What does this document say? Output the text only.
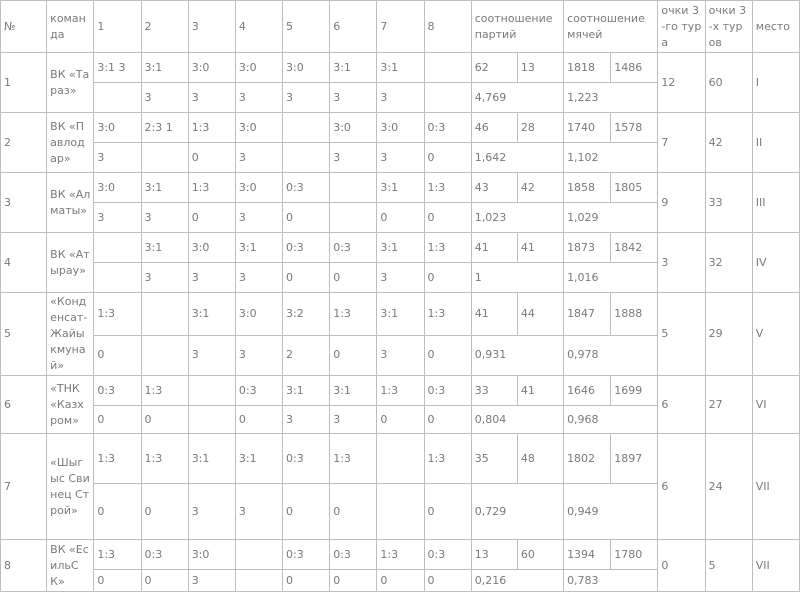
№	команда	1	2	3	4	5	6	7	8	соотношение партий		соотношение мячей		очки 3-го тура	очки 3-х туров	место
1	ВК «Тараз»	3:1 3	3:1	3:0	3:0	3:0	3:1	3:1		62	13	1818	1486	12	60	I
			3	3	3	3	3	3		4,769		1,223				
2	ВК «Павлодар»	3:0	2:3 1	1:3	3:0		3:0	3:0	0:3	46	28	1740	1578	7	42	II
		3		0	3		3	3	0	1,642		1,102				
3	ВК «Алматы»	3:0	3:1	1:3	3:0	0:3		3:1	1:3	43	42	1858	1805	9	33	III
		3	3	0	3	0		0	0	1,023		1,029				
4	ВК «Атырау»		3:1	3:0	3:1	0:3	0:3	3:1	1:3	41	41	1873	1842	3	32	IV
			3	3	3	0	0	3	0	1		1,016				
5	«Конденсат-Жайыкмунай»	1:3		3:1	3:0	3:2	1:3	3:1	1:3	41	44	1847	1888	5	29	V
		0		3	3	2	0	3	0	0,931		0,978				
6	«ТНК «Казхром»	0:3	1:3		0:3	3:1	3:1	1:3	0:3	33	41	1646	1699	6	27	VI
		0	0		0	3	3	0	0	0,804		0,968				
7	«Шыгыс Свинец Строй»	1:3	1:3	3:1	3:1	0:3	1:3		1:3	35	48	1802	1897	6	24	VII
		0	0	3	3	0	0		0	0,729		0,949				
8	ВК «ЕсильСК»	1:3	0:3	3:0		0:3	0:3	1:3	0:3	13	60	1394	1780	0	5	VII
		0	0	3		0	0	0	0	0,216		0,783				
